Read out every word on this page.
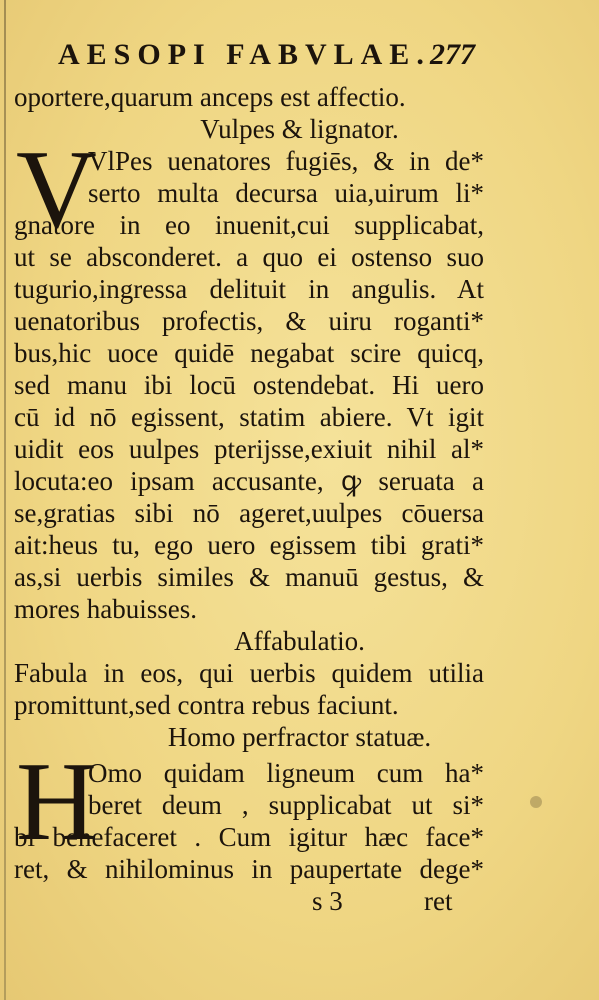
AESOPI FABVLAE. 277
oportere,quarum anceps est affectio.
Vulpes & lignator.
V
VlPes uenatores fugiēs, & in de*
serto multa decursa uia,uirum li*
gnatore in eo inuenit,cui supplicabat,
ut se absconderet. a quo ei ostenso suo
tugurio,ingressa delituit in angulis. At
uenatoribus profectis, & uiru roganti*
bus,hic uoce quidē negabat scire quicq,
sed manu ibi locū ostendebat. Hi uero
cū id nō egissent, statim abiere. Vt igit
uidit eos uulpes pterijsse,exiuit nihil al*
locuta:eo ipsam accusante, ꝙ seruata a
se,gratias sibi nō ageret,uulpes cōuersa
ait:heus tu, ego uero egissem tibi grati*
as,si uerbis similes & manuū gestus, &
mores habuisses.
Affabulatio.
Fabula in eos, qui uerbis quidem utilia
promittunt,sed contra rebus faciunt.
Homo perfractor statuæ.
H
Omo quidam ligneum cum ha*
beret deum , supplicabat ut si*
bi benefaceret . Cum igitur hæc face*
ret, & nihilominus in paupertate dege*
s 3	ret
